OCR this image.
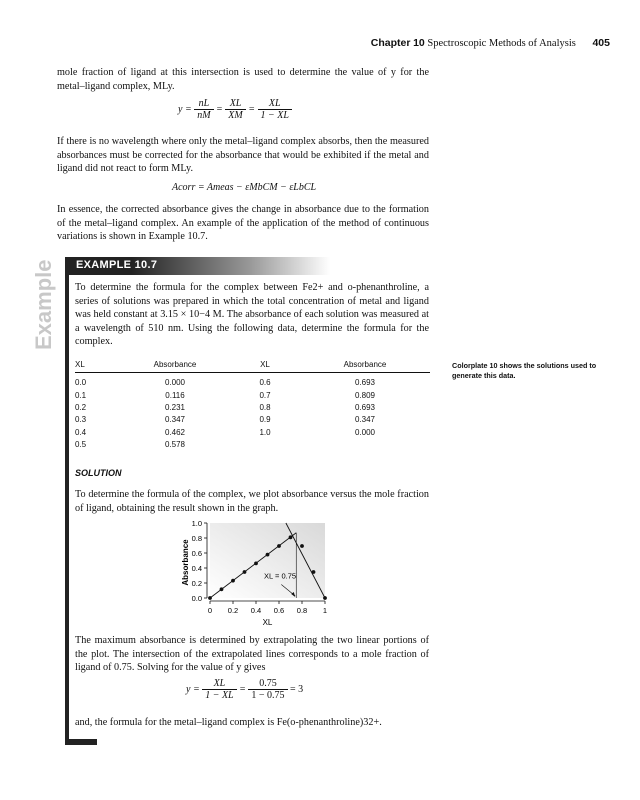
Chapter 10 Spectroscopic Methods of Analysis 405

mole fraction of ligand at this intersection is used to determine the value of y for the metal–ligand complex, MLy.

$y = \frac{nL}{nM} = \frac{XL}{XM} = \frac{XL}{1 - XL}$

If there is no wavelength where only the metal–ligand complex absorbs, then the measured absorbances must be corrected for the absorbance that would be exhibited if the metal and ligand did not react to form MLy.

Acorr = Ameas − εMbCM − εLbCL

In essence, the corrected absorbance gives the change in absorbance due to the formation of the metal–ligand complex. An example of the application of the method of continuous variations is shown in Example 10.7.

EXAMPLE 10.7
Example To determine the formula for the complex between Fe2+ and o-phenanthroline, a series of solutions was prepared in which the total concentration of metal and ligand was held constant at 3.15 × 10−4 M. The absorbance of each solution was measured at a wavelength of 510 nm. Using the following data, determine the formula for the complex.

XL	Absorbance	XL	Absorbance

0.0	0.000	0.6	0.693
0.1	0.116	0.7	0.809
0.2	0.231	0.8	0.693
0.3	0.347	0.9	0.347
0.4	0.462	1.0	0.000
0.5	0.578		
Colorplate 10 shows the solutions used to generate this data.
SOLUTION

To determine the formula of the complex, we plot absorbance versus the mole fraction of ligand, obtaining the result shown in the graph.

0.0
0.2
0.4
0.6
0.8
1.0
0 0.2 0.4 0.6 0.8 1
XL
Absorbance	XL = 0.75

The maximum absorbance is determined by extrapolating the two linear portions of the plot. The intersection of the extrapolated lines corresponds to a mole fraction of ligand of 0.75. Solving for the value of y gives

$y = \frac{XL}{1 - XL} = \frac{0.75}{1 - 0.75} = 3$

and, the formula for the metal–ligand complex is Fe(o-phenanthroline)32+.
